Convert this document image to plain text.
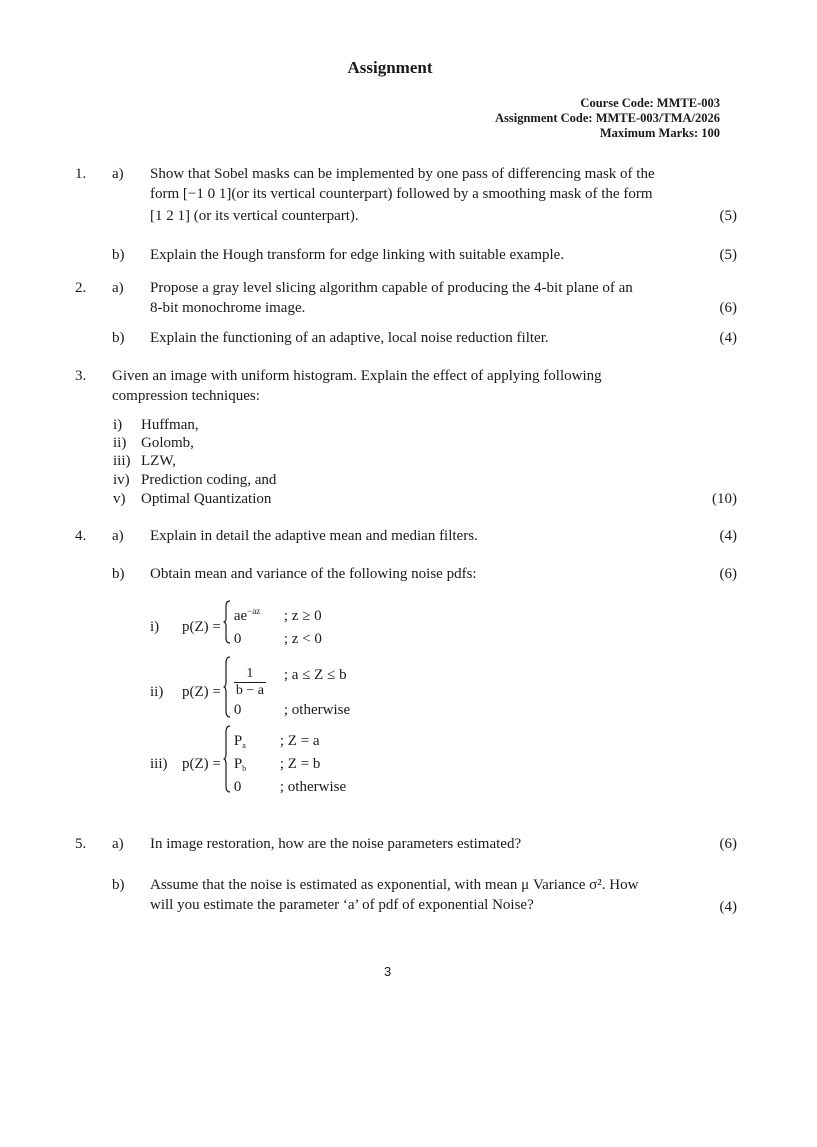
Assignment
Course Code: MMTE-003
Assignment Code: MMTE-003/TMA/2026
Maximum Marks: 100
1. a) Show that Sobel masks can be implemented by one pass of differencing mask of the
form [−1 0 1](or its vertical counterpart) followed by a smoothing mask of the form
[1 2 1] (or its vertical counterpart).	(5)
b) Explain the Hough transform for edge linking with suitable example.	(5)
2. a) Propose a gray level slicing algorithm capable of producing the 4-bit plane of an
8-bit monochrome image.	(6)
b) Explain the functioning of an adaptive, local noise reduction filter.	(4)
3. Given an image with uniform histogram. Explain the effect of applying following
compression techniques:
i) Huffman,
ii) Golomb,
iii) LZW,
iv) Prediction coding, and
v) Optimal Quantization	(10)
4. a) Explain in detail the adaptive mean and median filters.	(4)
b) Obtain mean and variance of the following noise pdfs:	(6)
i)	p(Z) =
$ae^{-az}$	; z ≥ 0
0	; z < 0
ii)	$p(Z) = \frac{1}{b - a}$ ; a ≤ Z ≤ b
0	; otherwise
iii) p(Z) =
$P_a$	; Z = a
$P_b$	; Z = b
0	; otherwise
5. a) In image restoration, how are the noise parameters estimated?	(6)
b) Assume that the noise is estimated as exponential, with mean μ Variance σ². How
will you estimate the parameter ‘a’ of pdf of exponential Noise?	(4)
3
